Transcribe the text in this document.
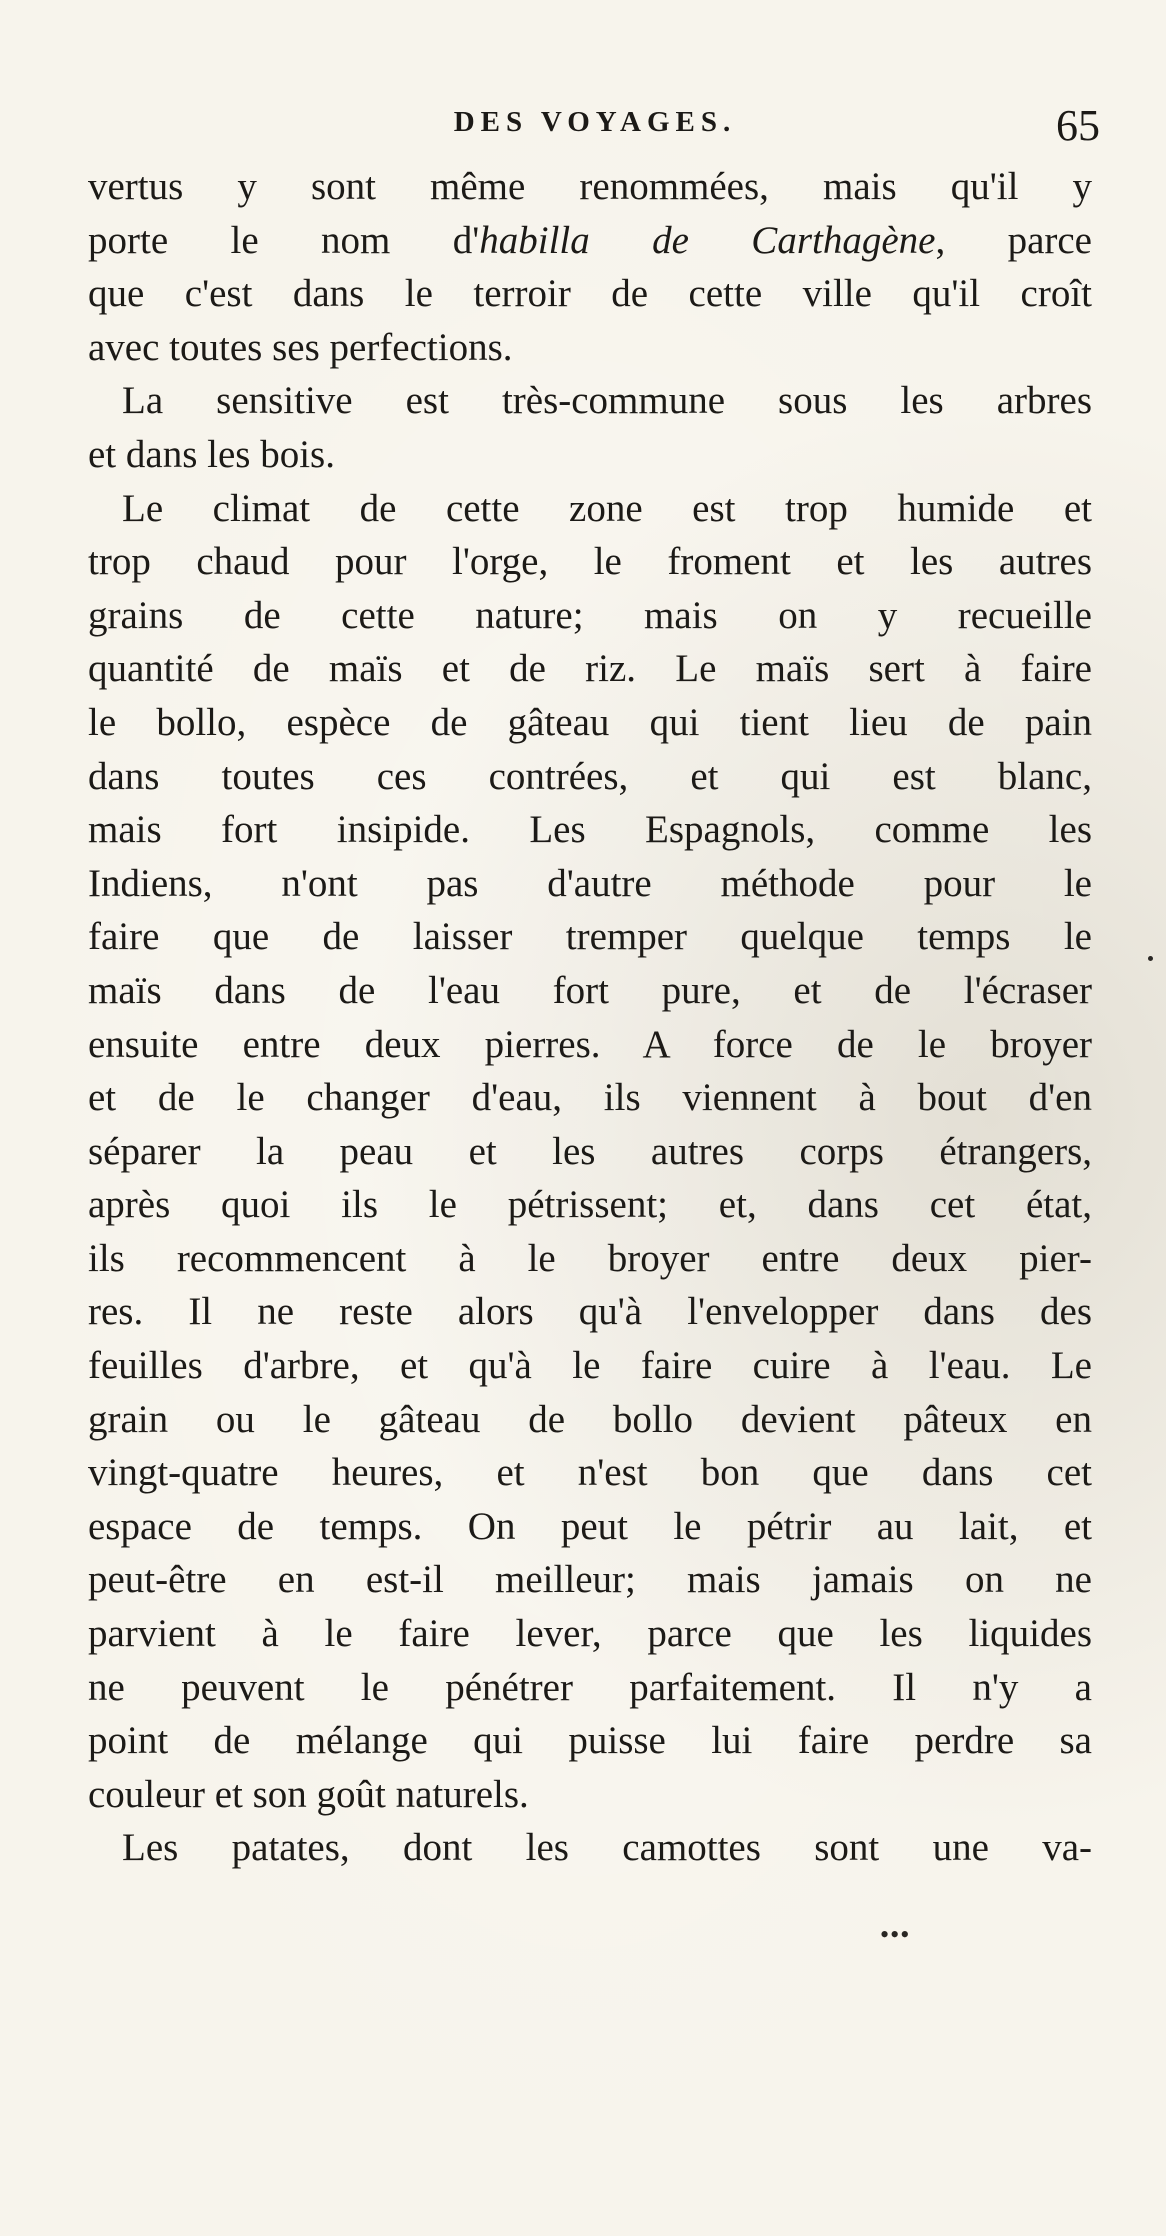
DES VOYAGES.	65
vertus y sont même renommées, mais qu'il y
porte le nom d'habilla de Carthagène, parce
que c'est dans le terroir de cette ville qu'il croît
avec toutes ses perfections.
La sensitive est très-commune sous les arbres
et dans les bois.
Le climat de cette zone est trop humide et
trop chaud pour l'orge, le froment et les autres
grains de cette nature; mais on y recueille
quantité de maïs et de riz. Le maïs sert à faire
le bollo, espèce de gâteau qui tient lieu de pain
dans toutes ces contrées, et qui est blanc,
mais fort insipide. Les Espagnols, comme les
Indiens, n'ont pas d'autre méthode pour le
faire que de laisser tremper quelque temps le
maïs dans de l'eau fort pure, et de l'écraser
ensuite entre deux pierres. A force de le broyer
et de le changer d'eau, ils viennent à bout d'en
séparer la peau et les autres corps étrangers,
après quoi ils le pétrissent; et, dans cet état,
ils recommencent à le broyer entre deux pier-
res. Il ne reste alors qu'à l'envelopper dans des
feuilles d'arbre, et qu'à le faire cuire à l'eau. Le
grain ou le gâteau de bollo devient pâteux en
vingt-quatre heures, et n'est bon que dans cet
espace de temps. On peut le pétrir au lait, et
peut-être en est-il meilleur; mais jamais on ne
parvient à le faire lever, parce que les liquides
ne peuvent le pénétrer parfaitement. Il n'y a
point de mélange qui puisse lui faire perdre sa
couleur et son goût naturels.
Les patates, dont les camottes sont une va-
•••
